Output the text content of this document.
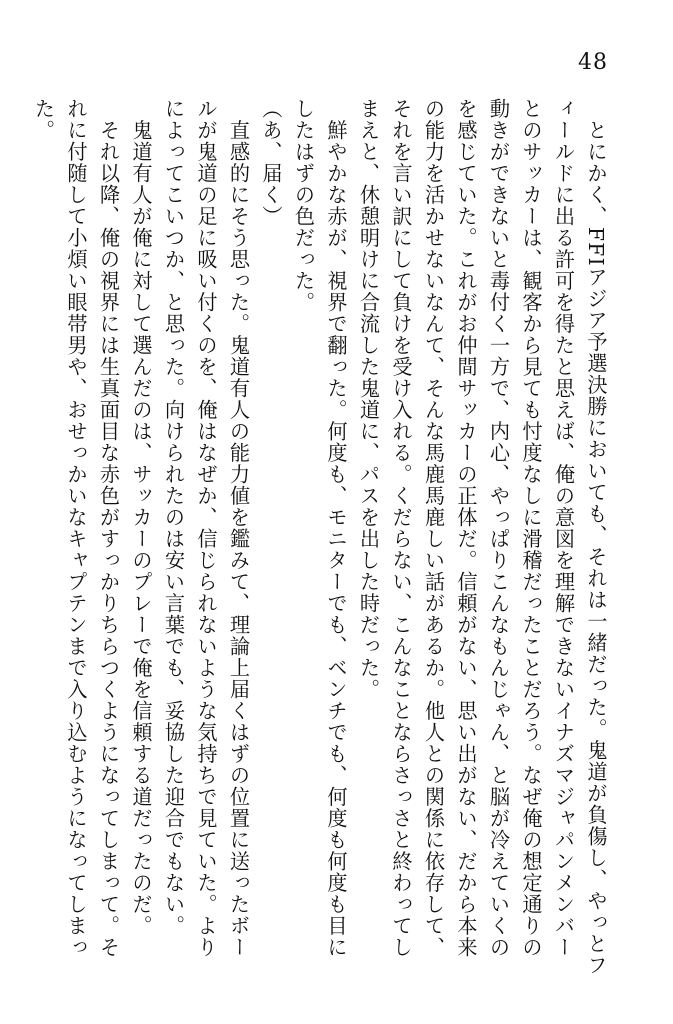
48

　とにかく、FFIアジア予選決勝においても、それは一緒だった。鬼道が負傷し、やっとフィールドに出る許可を得たと思えば、俺の意図を理解できないイナズマジャパンメンバーとのサッカーは、観客から見ても忖度なしに滑稽だったことだろう。なぜ俺の想定通りの動きができないと毒付く一方で、内心、やっぱりこんなもんじゃん、と脳が冷えていくのを感じていた。これがお仲間サッカーの正体だ。信頼がない、思い出がない、だから本来の能力を活かせないなんて、そんな馬鹿馬鹿しい話があるか。他人との関係に依存して、それを言い訳にして負けを受け入れる。くだらない、こんなことならさっさと終わってしまえと、休憩明けに合流した鬼道に、パスを出した時だった。

　鮮やかな赤が、視界で翻った。何度も、モニターでも、ベンチでも、何度も何度も目にしたはずの色だった。

（あ、届く）

　直感的にそう思った。鬼道有人の能力値を鑑みて、理論上届くはずの位置に送ったボールが鬼道の足に吸い付くのを、俺はなぜか、信じられないような気持ちで見ていた。よりによってこいつか、と思った。向けられたのは安い言葉でも、妥協した迎合でもない。

　鬼道有人が俺に対して選んだのは、サッカーのプレーで俺を信頼する道だったのだ。

　それ以降、俺の視界には生真面目な赤色がすっかりちらつくようになってしまって。それに付随して小煩い眼帯男や、おせっかいなキャプテンまで入り込むようになってしまった。
